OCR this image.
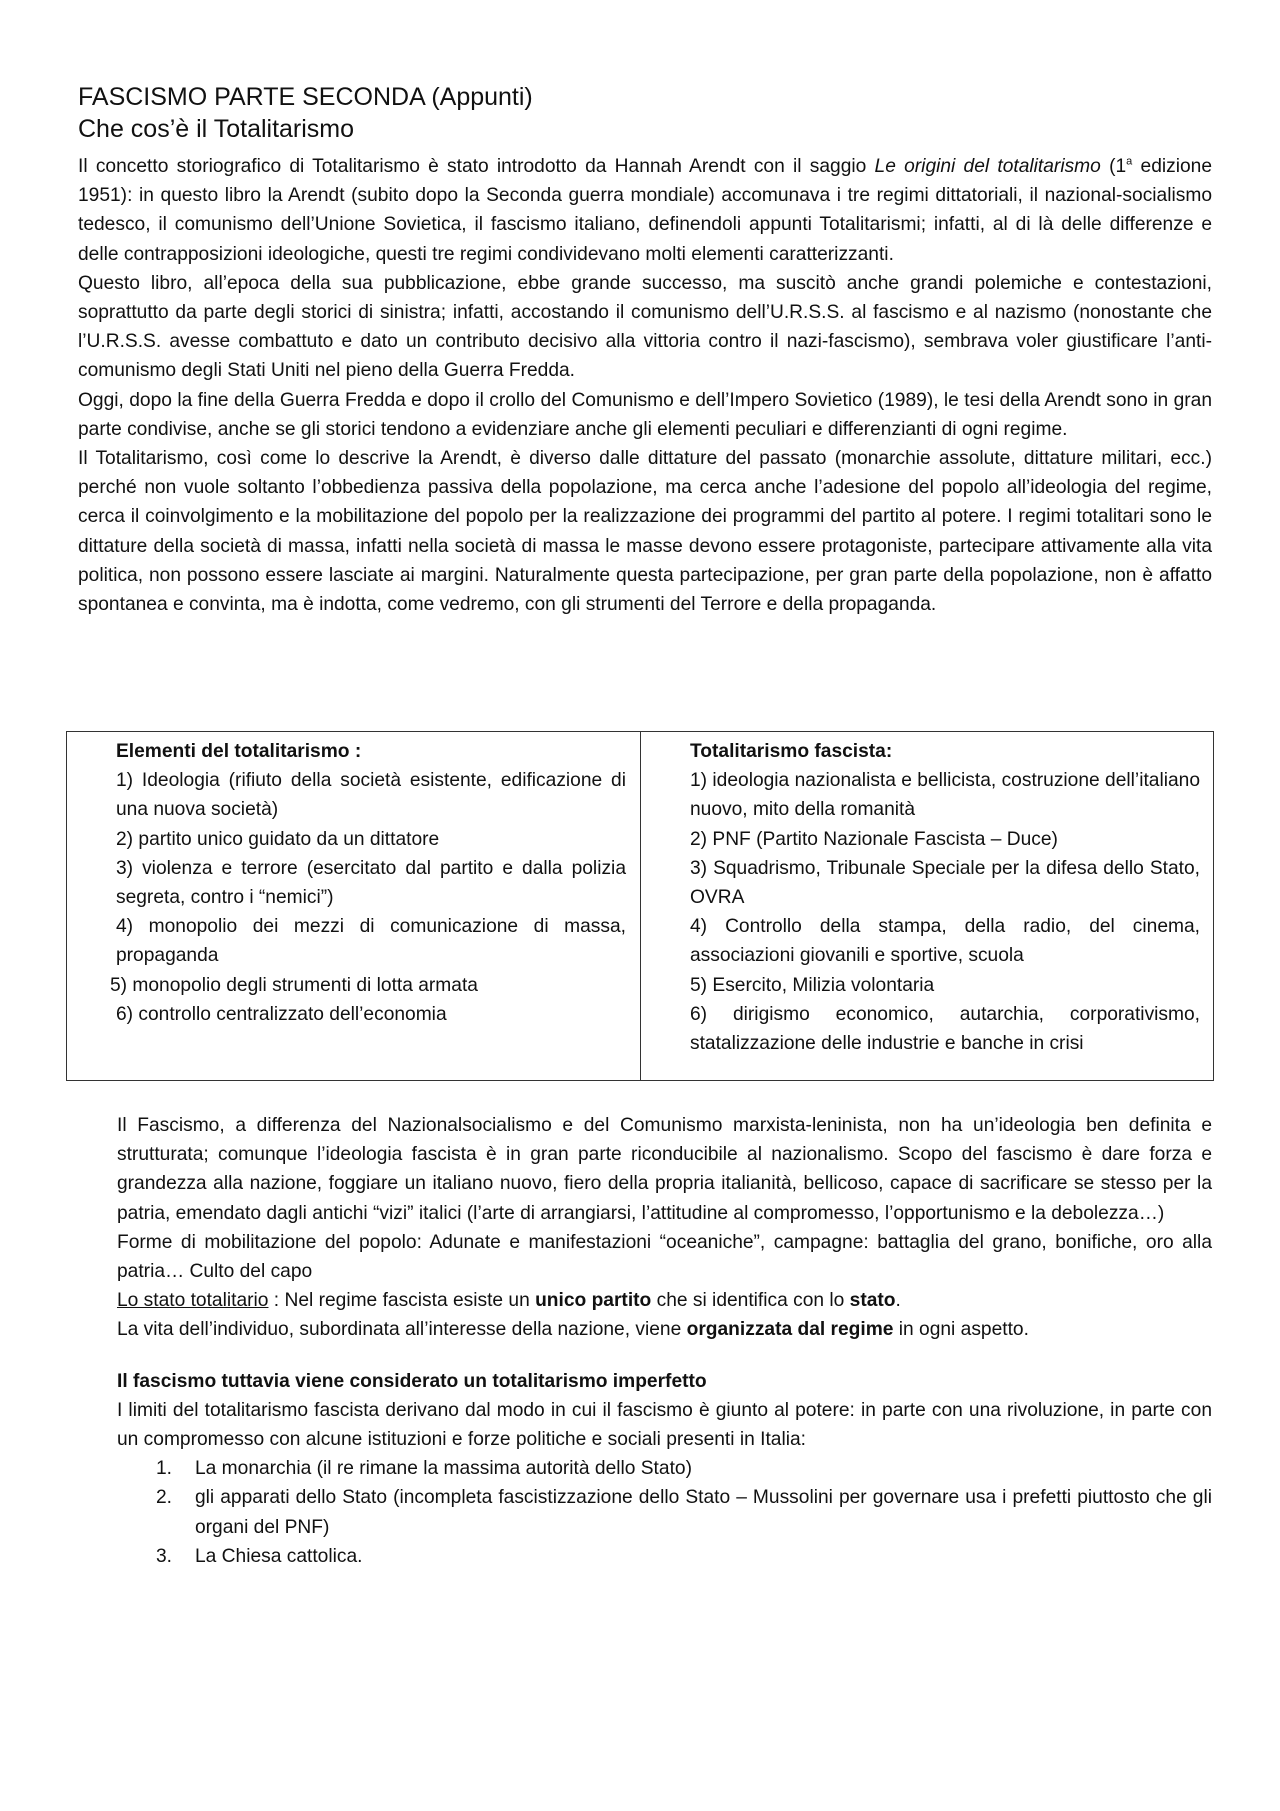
FASCISMO PARTE SECONDA (Appunti)
Che cos’è il Totalitarismo

Il concetto storiografico di Totalitarismo è stato introdotto da Hannah Arendt con il saggio Le origini del totalitarismo (1$^a$ edizione 1951): in questo libro la Arendt (subito dopo la Seconda guerra mondiale) accomunava i tre regimi dittatoriali, il nazional-socialismo tedesco, il comunismo dell’Unione Sovietica, il fascismo italiano, definendoli appunti Totalitarismi; infatti, al di là delle differenze e delle contrapposizioni ideologiche, questi tre regimi condividevano molti elementi caratterizzanti.

Questo libro, all’epoca della sua pubblicazione, ebbe grande successo, ma suscitò anche grandi polemiche e contestazioni, soprattutto da parte degli storici di sinistra; infatti, accostando il comunismo dell’U.R.S.S. al fascismo e al nazismo (nonostante che l’U.R.S.S. avesse combattuto e dato un contributo decisivo alla vittoria contro il nazi-fascismo), sembrava voler giustificare l’anti-comunismo degli Stati Uniti nel pieno della Guerra Fredda.

Oggi, dopo la fine della Guerra Fredda e dopo il crollo del Comunismo e dell’Impero Sovietico (1989), le tesi della Arendt sono in gran parte condivise, anche se gli storici tendono a evidenziare anche gli elementi peculiari e differenzianti di ogni regime.

Il Totalitarismo, così come lo descrive la Arendt, è diverso dalle dittature del passato (monarchie assolute, dittature militari, ecc.) perché non vuole soltanto l’obbedienza passiva della popolazione, ma cerca anche l’adesione del popolo all’ideologia del regime, cerca il coinvolgimento e la mobilitazione del popolo per la realizzazione dei programmi del partito al potere. I regimi totalitari sono le dittature della società di massa, infatti nella società di massa le masse devono essere protagoniste, partecipare attivamente alla vita politica, non possono essere lasciate ai margini. Naturalmente questa partecipazione, per gran parte della popolazione, non è affatto spontanea e convinta, ma è indotta, come vedremo, con gli strumenti del Terrore e della propaganda.

Elementi del totalitarismo :
1) Ideologia (rifiuto della società esistente, edificazione di una nuova società)
2) partito unico guidato da un dittatore
3) violenza e terrore (esercitato dal partito e dalla polizia segreta, contro i “nemici”)
4) monopolio dei mezzi di comunicazione di massa, propaganda
5) monopolio degli strumenti di lotta armata
6) controllo centralizzato dell’economia
Totalitarismo fascista:
1) ideologia nazionalista e bellicista, costruzione dell’italiano nuovo, mito della romanità
2) PNF (Partito Nazionale Fascista – Duce)
3) Squadrismo, Tribunale Speciale per la difesa dello Stato, OVRA
4) Controllo della stampa, della radio, del cinema, associazioni giovanili e sportive, scuola
5) Esercito, Milizia volontaria
6) dirigismo economico, autarchia, corporativismo, statalizzazione delle industrie e banche in crisi

Il Fascismo, a differenza del Nazionalsocialismo e del Comunismo marxista-leninista, non ha un’ideologia ben definita e strutturata; comunque l’ideologia fascista è in gran parte riconducibile al nazionalismo. Scopo del fascismo è dare forza e grandezza alla nazione, foggiare un italiano nuovo, fiero della propria italianità, bellicoso, capace di sacrificare se stesso per la patria, emendato dagli antichi “vizi” italici (l’arte di arrangiarsi, l’attitudine al compromesso, l’opportunismo e la debolezza…)

Forme di mobilitazione del popolo: Adunate e manifestazioni “oceaniche”, campagne: battaglia del grano, bonifiche, oro alla patria… Culto del capo

Lo stato totalitario : Nel regime fascista esiste un unico partito che si identifica con lo stato.

La vita dell’individuo, subordinata all’interesse della nazione, viene organizzata dal regime in ogni aspetto.

Il fascismo tuttavia viene considerato un totalitarismo imperfetto

I limiti del totalitarismo fascista derivano dal modo in cui il fascismo è giunto al potere: in parte con una rivoluzione, in parte con un compromesso con alcune istituzioni e forze politiche e sociali presenti in Italia:

1. La monarchia (il re rimane la massima autorità dello Stato)
2. gli apparati dello Stato (incompleta fascistizzazione dello Stato – Mussolini per governare usa i prefetti piuttosto che gli organi del PNF)
3. La Chiesa cattolica.
